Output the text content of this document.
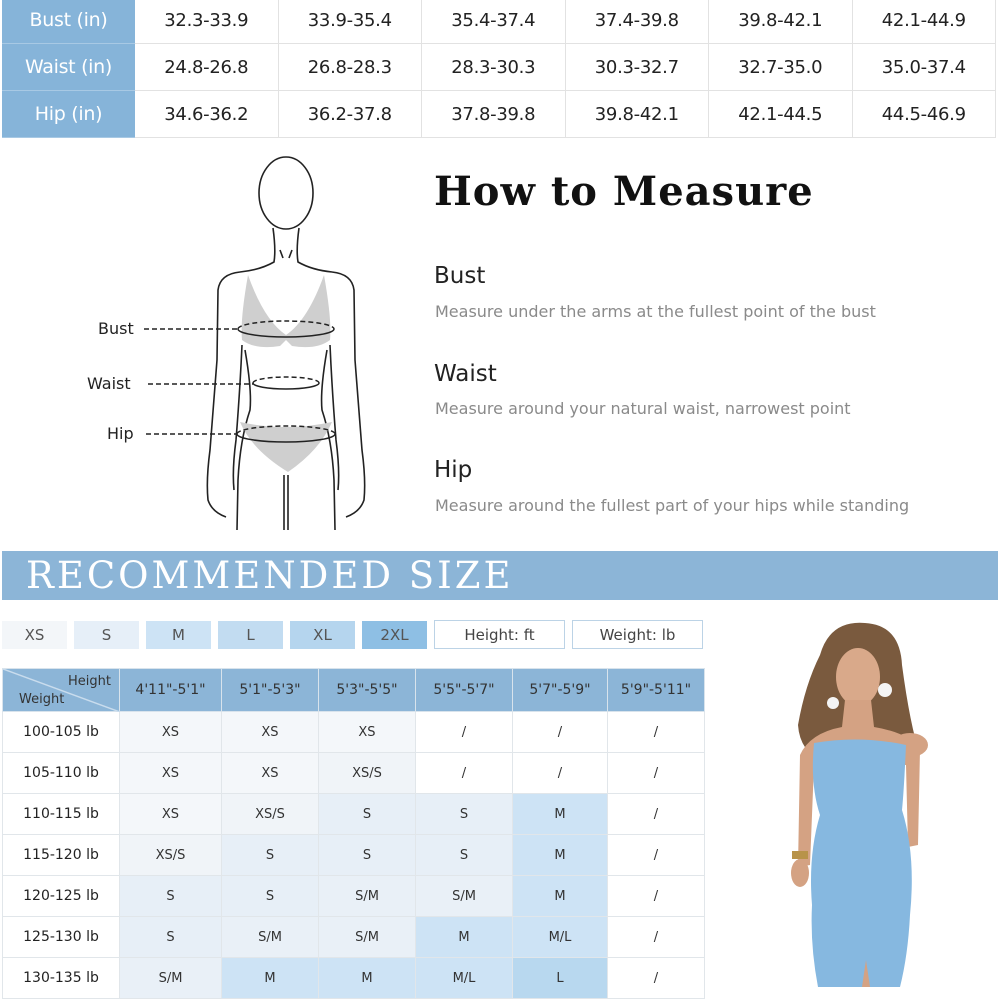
Bust (in)	32.3-33.9	33.9-35.4	35.4-37.4	37.4-39.8	39.8-42.1	42.1-44.9
Waist (in)	24.8-26.8	26.8-28.3	28.3-30.3	30.3-32.7	32.7-35.0	35.0-37.4
Hip (in)	34.6-36.2	36.2-37.8	37.8-39.8	39.8-42.1	42.1-44.5	44.5-46.9
Bust
Waist
Hip
How to Measure
Bust
Measure under the arms at the fullest point of the bust
Waist
Measure around your natural waist, narrowest point
Hip
Measure around the fullest part of your hips while standing
RECOMMENDED SIZE
XS	S	M	L	XL	2XL	Height: ft	Weight: lb
Height
Weight	4'11"-5'1"	5'1"-5'3"	5'3"-5'5"	5'5"-5'7"	5'7"-5'9"	5'9"-5'11"
100-105 lb	XS	XS	XS	/	/	/
105-110 lb	XS	XS	XS/S	/	/	/
110-115 lb	XS	XS/S	S	S	M	/
115-120 lb	XS/S	S	S	S	M	/
120-125 lb	S	S	S/M	S/M	M	/
125-130 lb	S	S/M	S/M	M	M/L	/
130-135 lb	S/M	M	M	M/L	L	/
